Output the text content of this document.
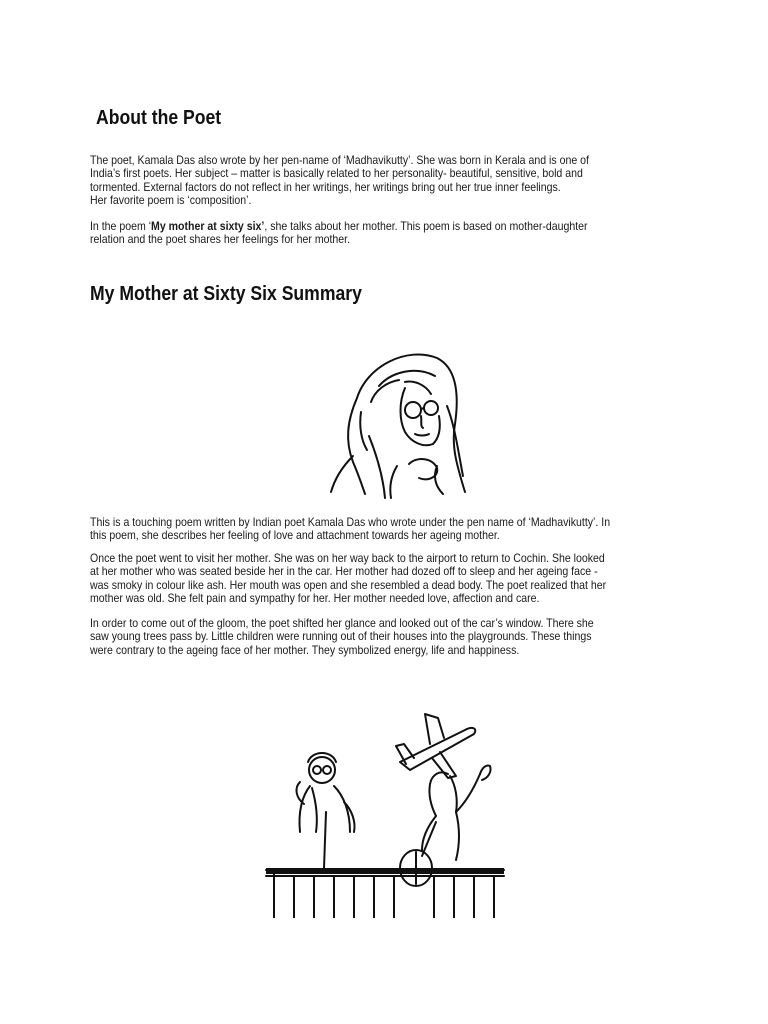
About the Poet

The poet, Kamala Das also wrote by her pen-name of ‘Madhavikutty’. She was born in Kerala and is one of
India’s first poets. Her subject – matter is basically related to her personality- beautiful, sensitive, bold and
tormented. External factors do not reflect in her writings, her writings bring out her true inner feelings.
Her favorite poem is ‘composition’.

In the poem ‘My mother at sixty six’, she talks about her mother. This poem is based on mother-daughter
relation and the poet shares her feelings for her mother.

My Mother at Sixty Six Summary

This is a touching poem written by Indian poet Kamala Das who wrote under the pen name of ‘Madhavikutty’. In
this poem, she describes her feeling of love and attachment towards her ageing mother.

Once the poet went to visit her mother. She was on her way back to the airport to return to Cochin. She looked
at her mother who was seated beside her in the car. Her mother had dozed off to sleep and her ageing face -
was smoky in colour like ash. Her mouth was open and she resembled a dead body. The poet realized that her
mother was old. She felt pain and sympathy for her. Her mother needed love, affection and care.

In order to come out of the gloom, the poet shifted her glance and looked out of the car’s window. There she
saw young trees pass by. Little children were running out of their houses into the playgrounds. These things
were contrary to the ageing face of her mother. They symbolized energy, life and happiness.
